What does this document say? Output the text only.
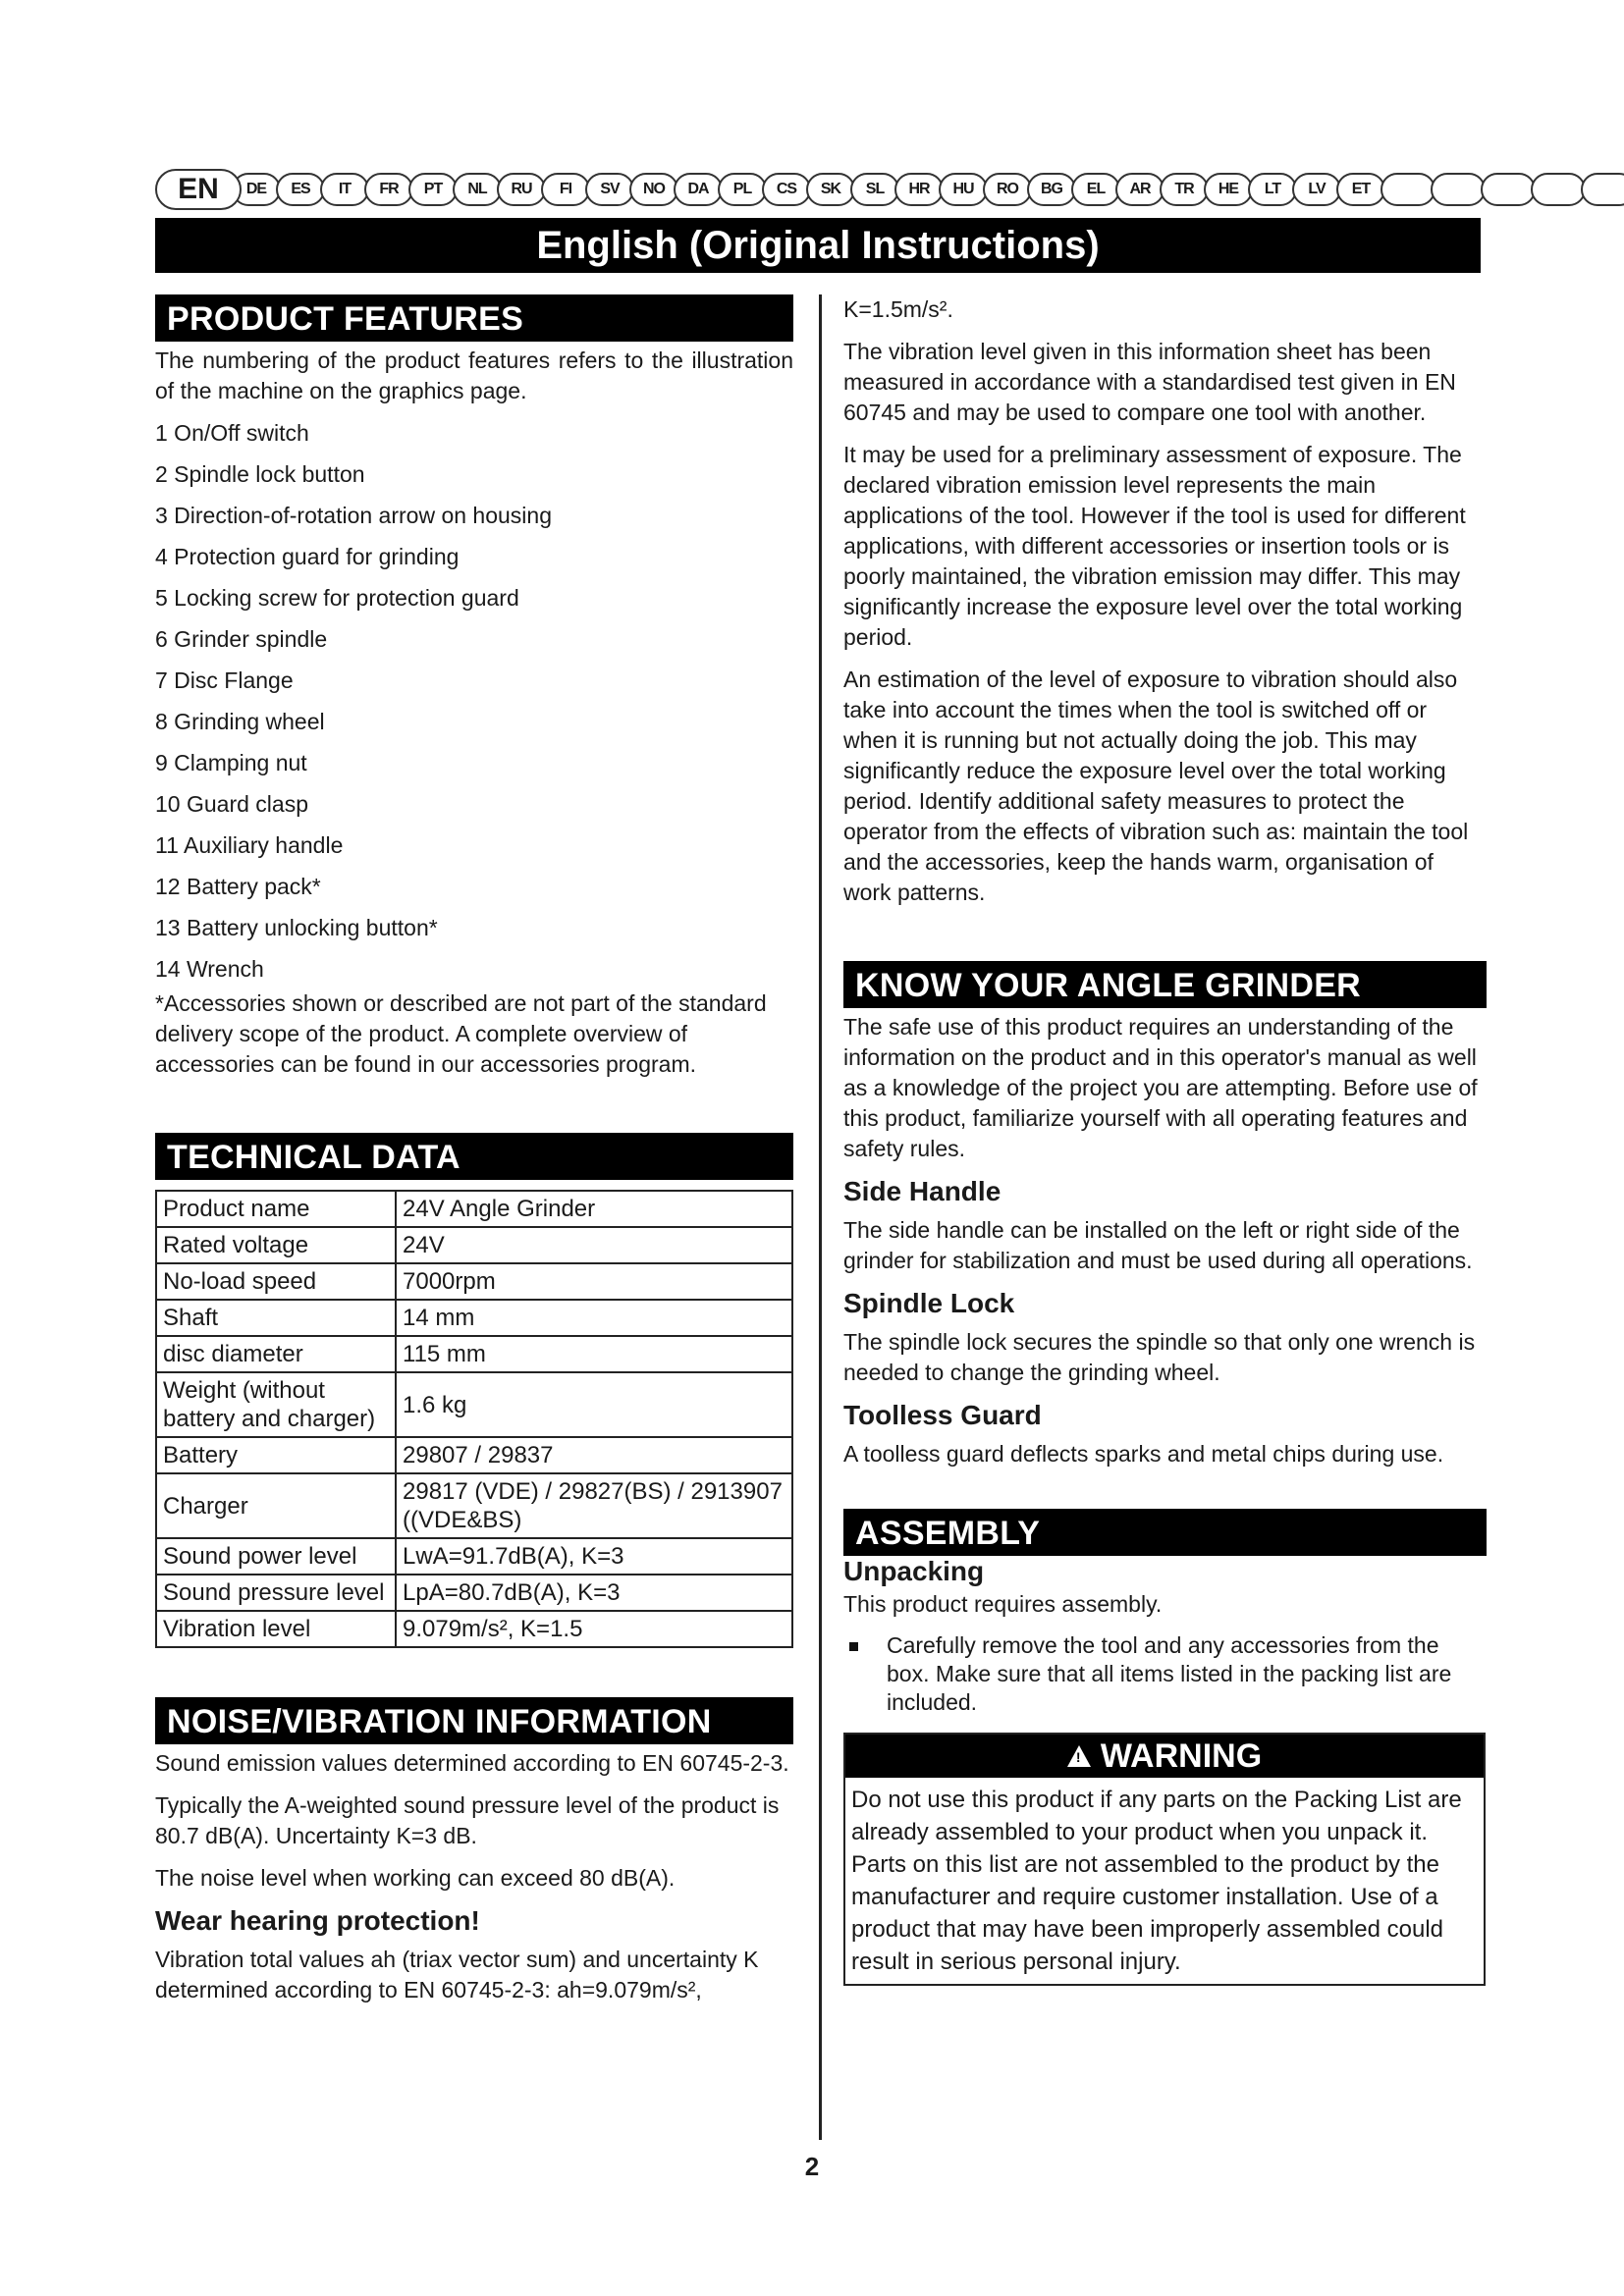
EN	DE	ES	IT	FR	PT	NL	RU	FI	SV	NO	DA	PL	CS	SK	SL	HR	HU	RO	BG	EL	AR	TR	HE	LT	LV	ET
English (Original Instructions)
PRODUCT FEATURES

The numbering of the product features refers to the illustration of the machine on the graphics page.

1 On/Off switch
2 Spindle lock button
3 Direction-of-rotation arrow on housing
4 Protection guard for grinding
5 Locking screw for protection guard
6 Grinder spindle
7 Disc Flange
8 Grinding wheel
9 Clamping nut
10 Guard clasp
11 Auxiliary handle
12 Battery pack*
13 Battery unlocking button*
14 Wrench

*Accessories shown or described are not part of the standard delivery scope of the product. A complete overview of accessories can be found in our accessories program.

TECHNICAL DATA
Product name	24V Angle Grinder
Rated voltage	24V
No-load speed	7000rpm
Shaft	14 mm
disc diameter	115 mm
Weight (without battery and charger)	1.6 kg
Battery	29807 / 29837
Charger	29817 (VDE) / 29827(BS) / 2913907 ((VDE&BS)
Sound power level	LwA=91.7dB(A), K=3
Sound pressure level	LpA=80.7dB(A), K=3
Vibration level	9.079m/s², K=1.5
NOISE/VIBRATION INFORMATION

Sound emission values determined according to EN 60745-2-3.

Typically the A-weighted sound pressure level of the product is 80.7 dB(A). Uncertainty K=3 dB.

The noise level when working can exceed 80 dB(A).

Wear hearing protection!

Vibration total values ah (triax vector sum) and uncertainty K determined according to EN 60745-2-3: ah=9.079m/s²,

K=1.5m/s².

The vibration level given in this information sheet has been measured in accordance with a standardised test given in EN 60745 and may be used to compare one tool with another.

It may be used for a preliminary assessment of exposure. The declared vibration emission level represents the main applications of the tool. However if the tool is used for different applications, with different accessories or insertion tools or is poorly maintained, the vibration emission may differ. This may significantly increase the exposure level over the total working period.

An estimation of the level of exposure to vibration should also take into account the times when the tool is switched off or when it is running but not actually doing the job. This may significantly reduce the exposure level over the total working period. Identify additional safety measures to protect the operator from the effects of vibration such as: maintain the tool and the accessories, keep the hands warm, organisation of work patterns.

KNOW YOUR ANGLE GRINDER

The safe use of this product requires an understanding of the information on the product and in this operator's manual as well as a knowledge of the project you are attempting. Before use of this product, familiarize yourself with all operating features and safety rules.

Side Handle

The side handle can be installed on the left or right side of the grinder for stabilization and must be used during all operations.

Spindle Lock

The spindle lock secures the spindle so that only one wrench is needed to change the grinding wheel.

Toolless Guard

A toolless guard deflects sparks and metal chips during use.

ASSEMBLY
Unpacking

This product requires assembly.

Carefully remove the tool and any accessories from the box. Make sure that all items listed in the packing list are included.
! WARNING
Do not use this product if any parts on the Packing List are already assembled to your product when you unpack it. Parts on this list are not assembled to the product by the manufacturer and require customer installation. Use of a product that may have been improperly assembled could result in serious personal injury.
2
